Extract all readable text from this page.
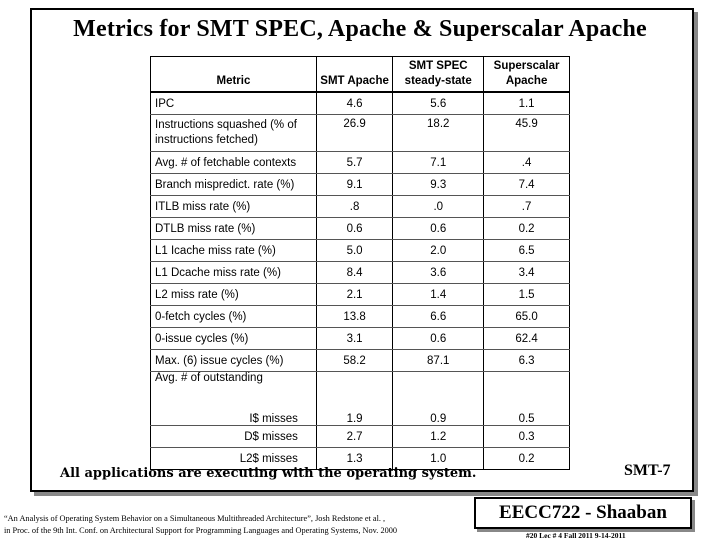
Metrics for SMT SPEC, Apache & Superscalar Apache
Metric	SMT Apache	SMT SPEC steady-state	Superscalar Apache
IPC	4.6	5.6	1.1
Instructions squashed (% of instructions fetched)	26.9	18.2	45.9
Avg. # of fetchable contexts	5.7	7.1	.4
Branch mispredict. rate (%)	9.1	9.3	7.4
ITLB miss rate (%)	.8	.0	.7
DTLB miss rate (%)	0.6	0.6	0.2
L1 Icache miss rate (%)	5.0	2.0	6.5
L1 Dcache miss rate (%)	8.4	3.6	3.4
L2 miss rate (%)	2.1	1.4	1.5
0-fetch cycles (%)	13.8	6.6	65.0
0-issue cycles (%)	3.1	0.6	62.4
Max. (6) issue cycles (%)	58.2	87.1	6.3
Avg. # of outstanding			
I$ misses	1.9	0.9	0.5
D$ misses	2.7	1.2	0.3
L2$ misses	1.3	1.0	0.2
All applications are executing with the operating system.	SMT-7
EECC722 - Shaaban
“An Analysis of Operating System Behavior on a Simultaneous Multithreaded Architecture”, Josh Redstone et al. ,
in Proc. of the 9th Int. Conf. on Architectural Support for Programming Languages and Operating Systems, Nov. 2000
#20 Lec # 4 Fall 2011 9-14-2011
